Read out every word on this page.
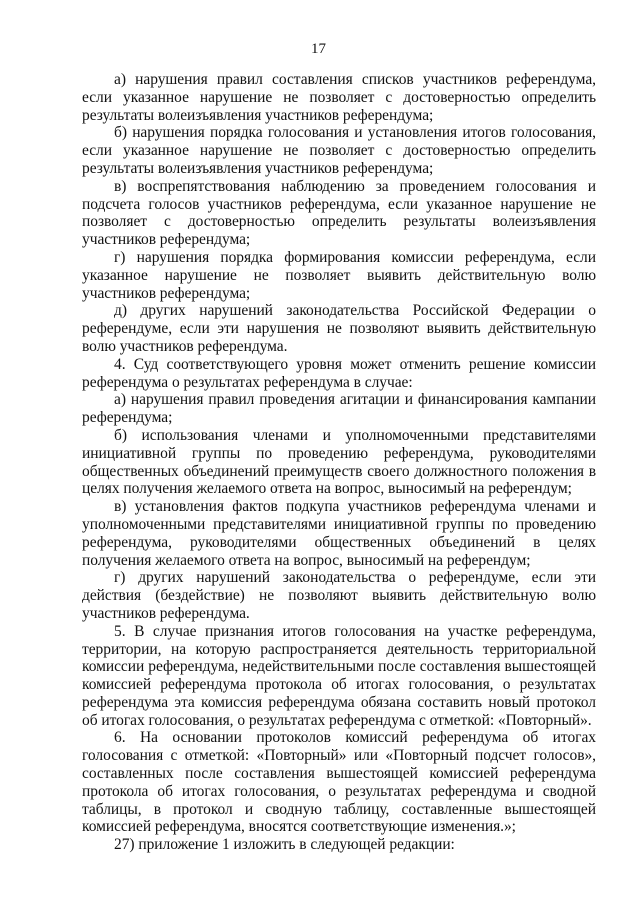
17

а) нарушения правил составления списков участников референдума, если указанное нарушение не позволяет с достоверностью определить результаты волеизъявления участников референдума;

б) нарушения порядка голосования и установления итогов голосования, если указанное нарушение не позволяет с достоверностью определить результаты волеизъявления участников референдума;

в) воспрепятствования наблюдению за проведением голосования и подсчета голосов участников референдума, если указанное нарушение не позволяет с достоверностью определить результаты волеизъявления участников референдума;

г) нарушения порядка формирования комиссии референдума, если указанное нарушение не позволяет выявить действительную волю участников референдума;

д) других нарушений законодательства Российской Федерации о референдуме, если эти нарушения не позволяют выявить действительную волю участников референдума.

4. Суд соответствующего уровня может отменить решение комиссии референдума о результатах референдума в случае:

а) нарушения правил проведения агитации и финансирования кампании референдума;

б) использования членами и уполномоченными представителями инициативной группы по проведению референдума, руководителями общественных объединений преимуществ своего должностного положения в целях получения желаемого ответа на вопрос, выносимый на референдум;

в) установления фактов подкупа участников референдума членами и уполномоченными представителями инициативной группы по проведению референдума, руководителями общественных объединений в целях получения желаемого ответа на вопрос, выносимый на референдум;

г) других нарушений законодательства о референдуме, если эти действия (бездействие) не позволяют выявить действительную волю участников референдума.

5. В случае признания итогов голосования на участке референдума, территории, на которую распространяется деятельность территориальной комиссии референдума, недействительными после составления вышестоящей комиссией референдума протокола об итогах голосования, о результатах референдума эта комиссия референдума обязана составить новый протокол об итогах голосования, о результатах референдума с отметкой: «Повторный».

6. На основании протоколов комиссий референдума об итогах голосования с отметкой: «Повторный» или «Повторный подсчет голосов», составленных после составления вышестоящей комиссией референдума протокола об итогах голосования, о результатах референдума и сводной таблицы, в протокол и сводную таблицу, составленные вышестоящей комиссией референдума, вносятся соответствующие изменения.»;

27) приложение 1 изложить в следующей редакции:
